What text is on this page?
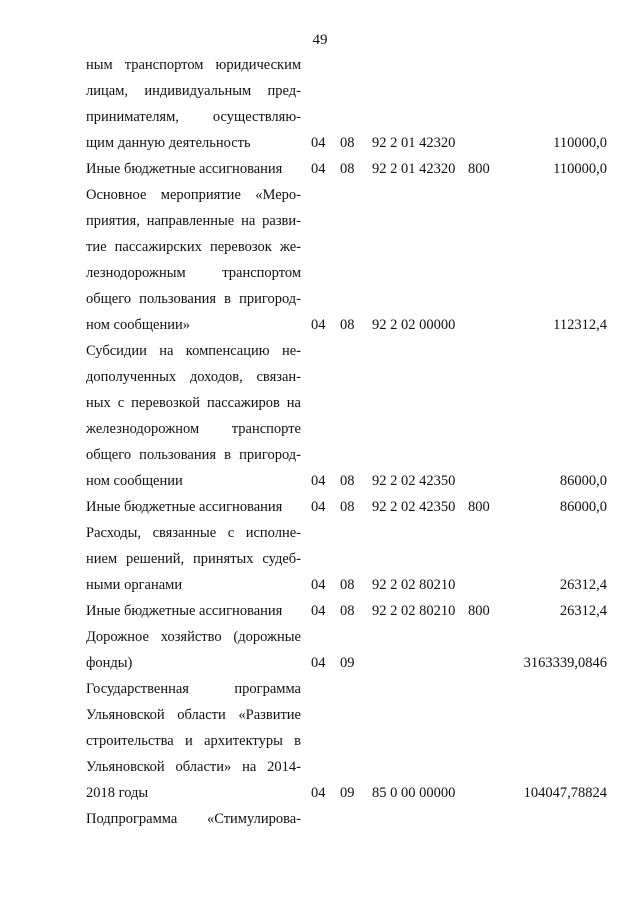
49
ным транспортом юридическим
лицам, индивидуальным пред-
принимателям, осуществляю-
щим данную деятельность	04 08 92 2 01 42320	110000,0
Иные бюджетные ассигнования	04 08 92 2 01 42320 800	110000,0
Основное мероприятие «Меро-
приятия, направленные на разви-
тие пассажирских перевозок же-
лезнодорожным транспортом
общего пользования в пригород-
ном сообщении»	04 08 92 2 02 00000	112312,4
Субсидии на компенсацию не-
дополученных доходов, связан-
ных с перевозкой пассажиров на
железнодорожном транспорте
общего пользования в пригород-
ном сообщении	04 08 92 2 02 42350	86000,0
Иные бюджетные ассигнования	04 08 92 2 02 42350 800	86000,0
Расходы, связанные с исполне-
нием решений, принятых судеб-
ными органами	04 08 92 2 02 80210	26312,4
Иные бюджетные ассигнования	04 08 92 2 02 80210 800	26312,4
Дорожное хозяйство (дорожные
фонды)	04 09	3163339,0846
Государственная программа
Ульяновской области «Развитие
строительства и архитектуры в
Ульяновской области» на 2014-
2018 годы	04 09 85 0 00 00000	104047,78824
Подпрограмма «Стимулирова-
